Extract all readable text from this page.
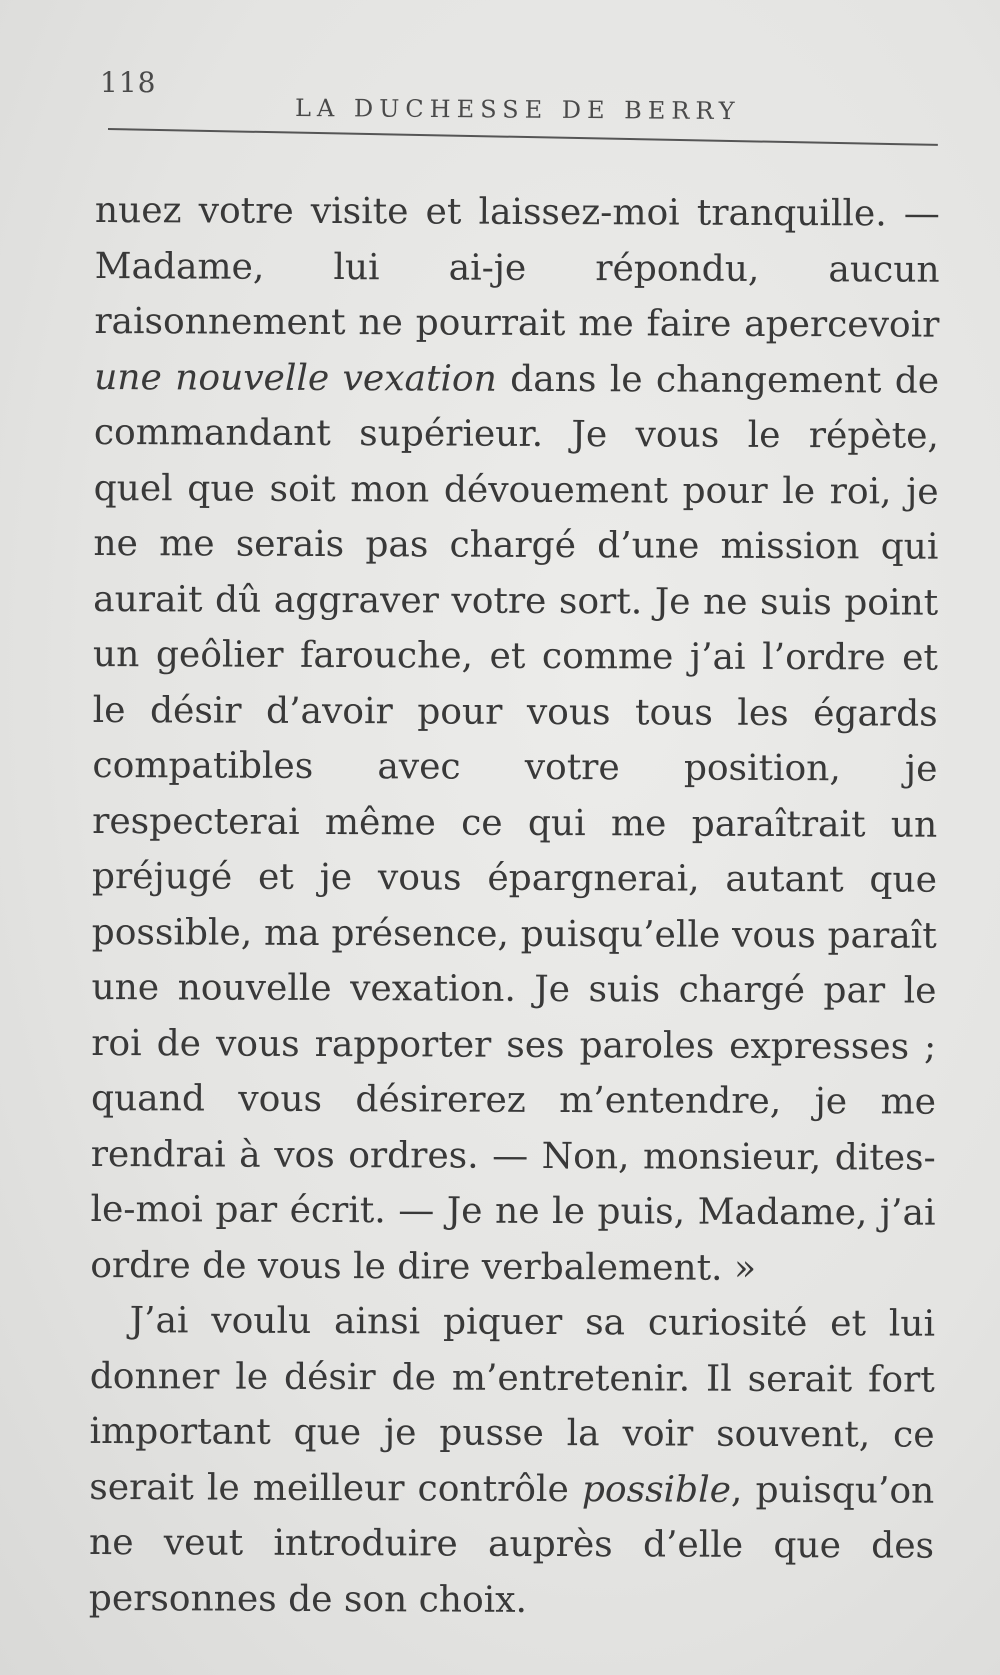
118
LA DUCHESSE DE BERRY

nuez votre visite et laissez-moi tranquille. — Madame, lui ai-je répondu, aucun raisonnement ne pourrait me faire apercevoir une nouvelle vexation dans le changement de commandant supérieur. Je vous le répète, quel que soit mon dévouement pour le roi, je ne me serais pas chargé d’une mission qui aurait dû aggraver votre sort. Je ne suis point un geôlier farouche, et comme j’ai l’ordre et le désir d’avoir pour vous tous les égards compatibles avec votre position, je respecterai même ce qui me paraîtrait un préjugé et je vous épargnerai, autant que possible, ma présence, puisqu’elle vous paraît une nouvelle vexation. Je suis chargé par le roi de vous rapporter ses paroles expresses ; quand vous désirerez m’entendre, je me rendrai à vos ordres. — Non, monsieur, dites-le-moi par écrit. — Je ne le puis, Madame, j’ai ordre de vous le dire verbalement. »

J’ai voulu ainsi piquer sa curiosité et lui donner le désir de m’entretenir. Il serait fort important que je pusse la voir souvent, ce serait le meilleur contrôle possible, puisqu’on ne veut introduire auprès d’elle que des personnes de son choix.
